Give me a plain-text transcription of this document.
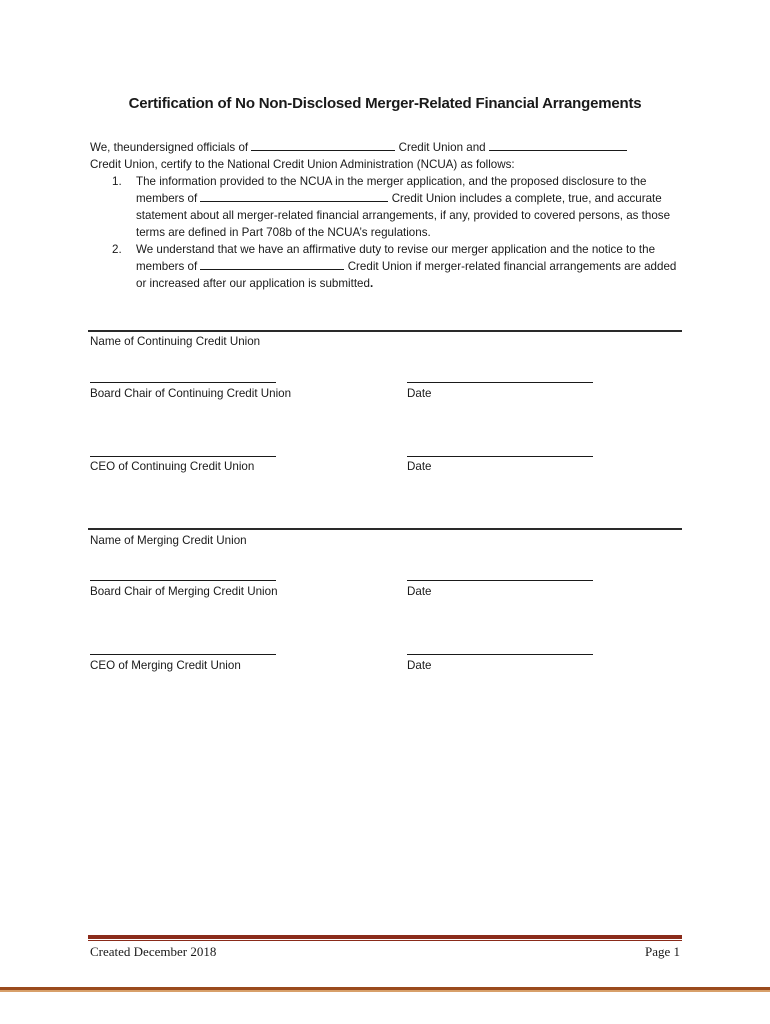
Certification of No Non-Disclosed Merger-Related Financial Arrangements
We, theundersigned officials of	Credit Union and
Credit Union, certify to the National Credit Union Administration (NCUA) as follows:
1. The information provided to the NCUA in the merger application, and the proposed disclosure to the members of	Credit Union includes a complete, true, and accurate statement about all merger-related financial arrangements, if any, provided to covered persons, as those terms are defined in Part 708b of the NCUA’s regulations.
2. We understand that we have an affirmative duty to revise our merger application and the notice to the members of	Credit Union if merger-related financial arrangements are added or increased after our application is submitted.
Name of Continuing Credit Union
Board Chair of Continuing Credit Union	Date
CEO of Continuing Credit Union	Date
Name of Merging Credit Union
Board Chair of Merging Credit Union	Date
CEO of Merging Credit Union	Date
Created December 2018	Page 1
